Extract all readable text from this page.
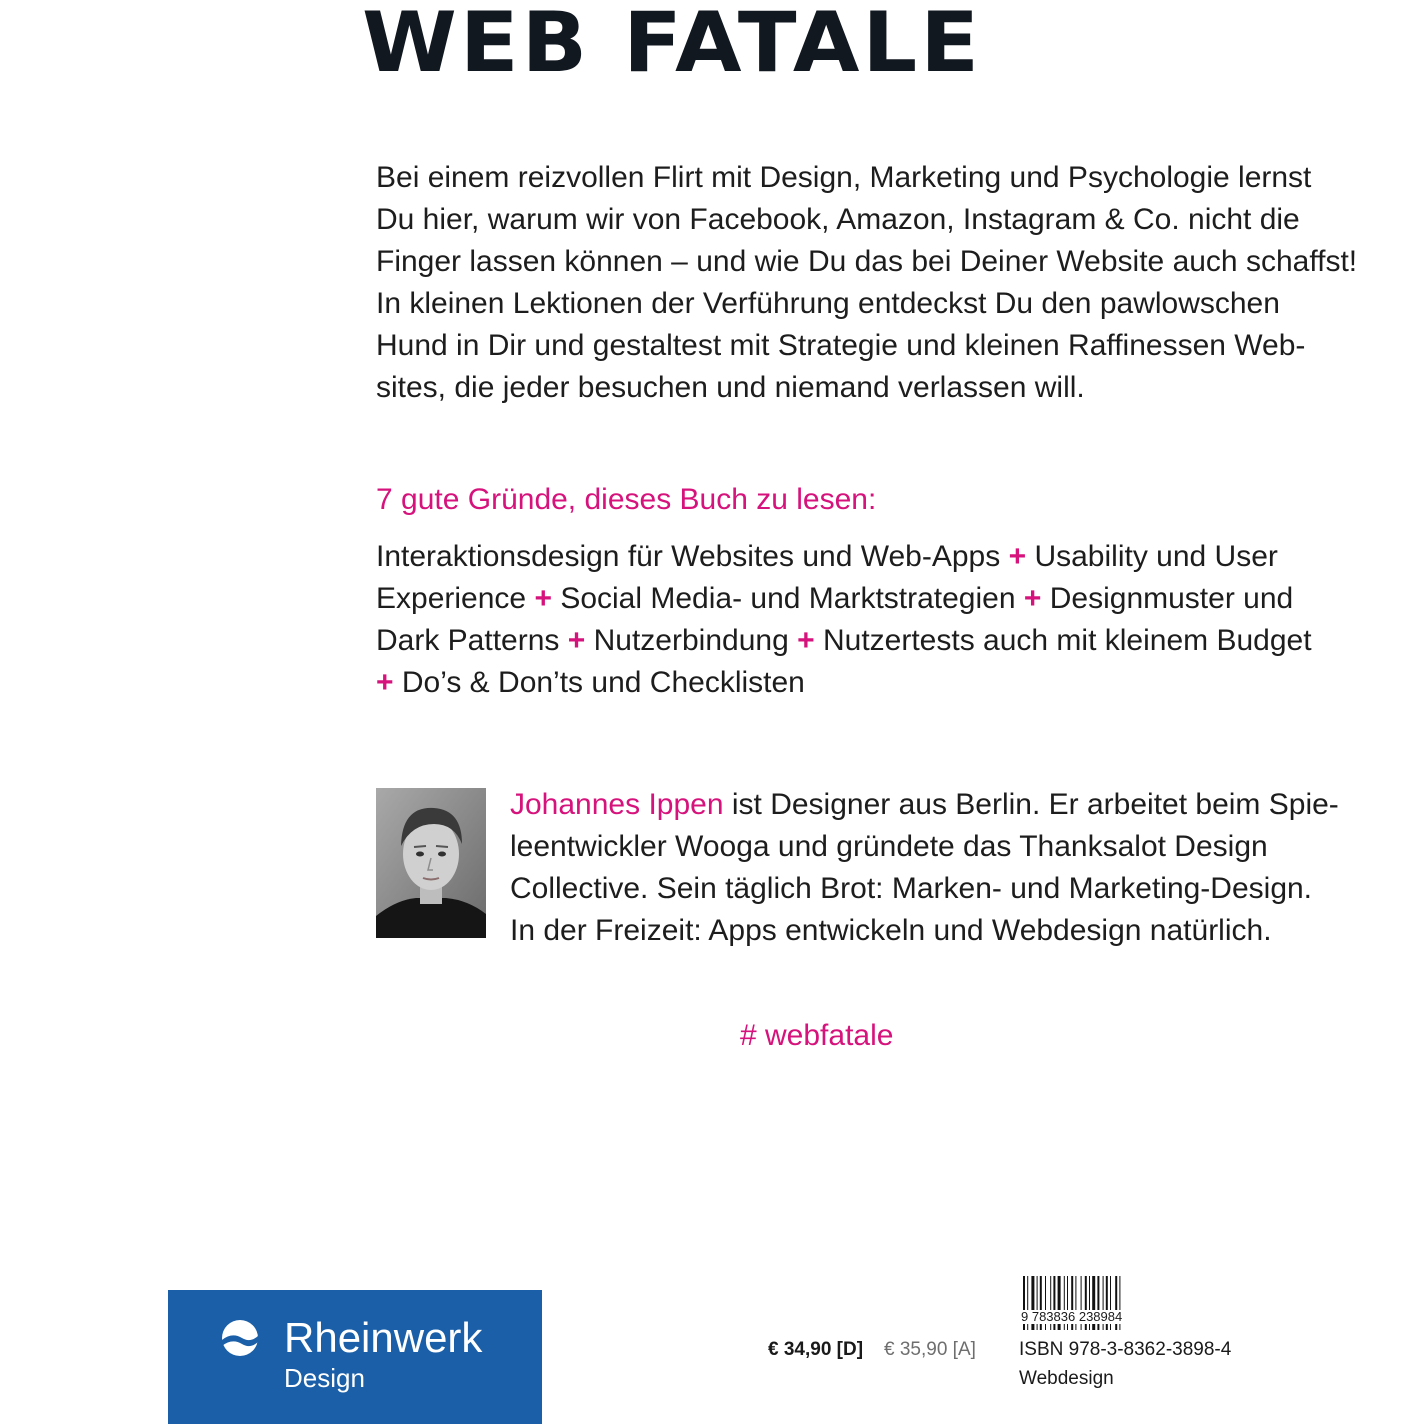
WEB FATALE
Bei einem reizvollen Flirt mit Design, Marketing und Psychologie lernst
Du hier, warum wir von Facebook, Amazon, Instagram & Co. nicht die
Finger lassen können – und wie Du das bei Deiner Website auch schaffst!
In kleinen Lektionen der Verführung entdeckst Du den pawlowschen
Hund in Dir und gestaltest mit Strategie und kleinen Raffinessen Web-
sites, die jeder besuchen und niemand verlassen will.
7 gute Gründe, dieses Buch zu lesen:
Interaktionsdesign für Websites und Web-Apps + Usability und User
Experience + Social Media- und Marktstrategien + Designmuster und
Dark Patterns + Nutzerbindung + Nutzertests auch mit kleinem Budget
+ Do’s & Don’ts und Checklisten
Johannes Ippen ist Designer aus Berlin. Er arbeitet beim Spie-
leentwickler Wooga und gründete das Thanksalot Design
Collective. Sein täglich Brot: Marken- und Marketing-Design.
In der Freizeit: Apps entwickeln und Webdesign natürlich.
# webfatale
Rheinwerk
Design
€ 34,90 [D] € 35,90 [A]
9 783836 238984
ISBN 978-3-8362-3898-4
Webdesign
